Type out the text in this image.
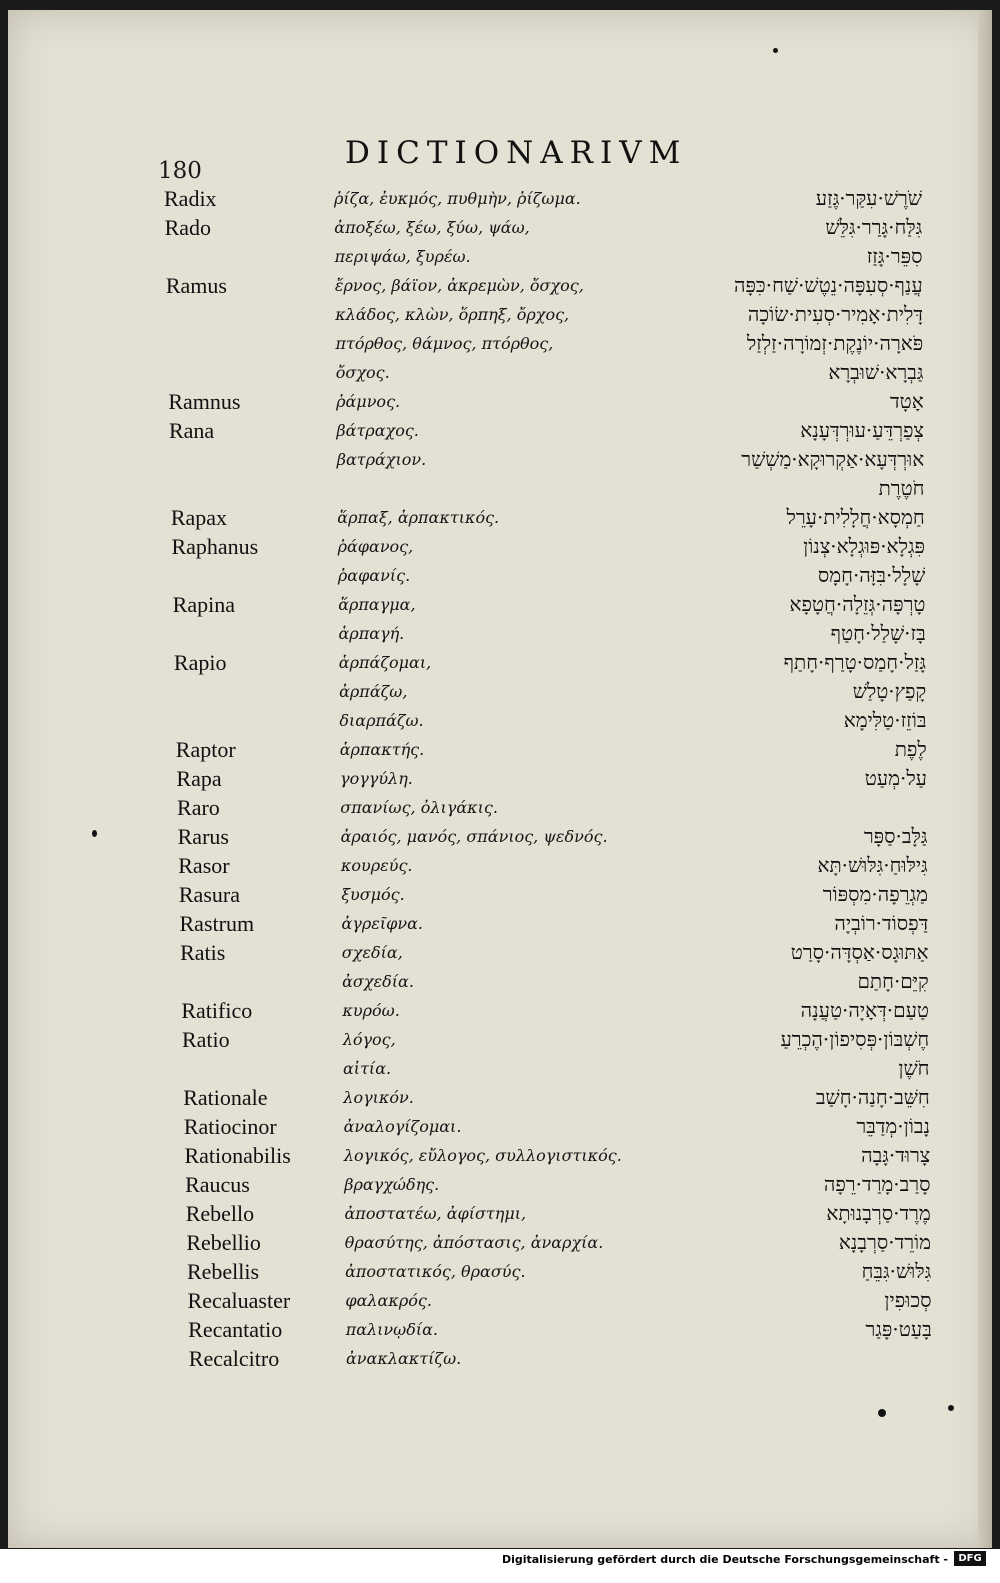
180	DICTIONARIVM
Radix	ῥίζα, ἐυκμός, πυθμὴν, ῥίζωμα.	שֹׁרֶשׁ·עִקַּר·גֶּזַע
Rado	ἀποξέω, ξέω, ξύω, ψάω,	גִּלַּח·גָּרַר·גִּלֵּשׁ
περιψάω, ξυρέω.	סִפֵּר·גָּזַז
Ramus	ἔρνος, βάϊον, ἀκρεμὼν, ὄσχος,	עֲנַף·סְעִפָּה·נֵטֶשׁ·שַׁח·כִּפָּה
κλάδος, κλὼν, ὅρπηξ, ὄρχος,	דָּלִית·אָמִיר·סְעִית·שׂוֹכָה
πτόρθος, θάμνος, πτόρθος,	פֹּארָה·יוֹנֶקֶת·זְמוֹרָה·זַלְזַל
ὄσχος.	גַּבְרָא·שׁוּבְרָא
Ramnus	ῥάμνος.	אָטָד
Rana	βάτραχος.	צְפַרְדֵּעַ·עוּרְדְּעָנָא
βατράχιον.	אוּרְדְּעָא·אַקְרוּקָא·מַשְׁשַׁר
חֹטֶרֶת
Rapax	ἅρπαξ, ἁρπακτικός.	חַמְסָא·חֲלָלִית·עָרֵל
Raphanus	ῥάφανος,	פִּגְלָא·פּוּגְלָא·צְנוֹן
ῥαφανίς.	שָׁלָל·בִּזָּה·חָמָס
Rapina	ἅρπαγμα,	טָרְפָּה·גְּזֵלָה·חֲטָפָא
ἁρπαγή.	בָּז·שָׁלַל·חָטַף
Rapio	ἁρπάζομαι,	גָּזַל·חָמַס·טָרַף·חָתַף
ἁρπάζω,	קָפַץ·טָלַשׁ
διαρπάζω.	בּוֹזֵז·טַלִּימָא
Raptor	ἁρπακτής.	לֶפֶת
Rapa	γογγύλη.	עַל·מְעַט
Raro	σπανίως, ὀλιγάκις.
Rarus	ἀραιός, μανός, σπάνιος, ψεδνός.	גַּלָּב·סַפָּר
Rasor	κουρεύς.	גִּילּוּחַ·גִּלּוּשׁ·תָּא
Rasura	ξυσμός.	מַגְרֵפָה·מִסְפּוֹר
Rastrum	ἀγρεῖφνα.	דַּפְסוֹד·רוֹבְיָה
Ratis	σχεδία,	אַתּוּגָס·אַסְדָּה·סָרַט
ἀσχεδία.	קִיֵּם·חָתַם
Ratifico	κυρόω.	טַעַם·דְּאָיָה·טַעֲנָה
Ratio	λόγος,	חֶשְׁבּוֹן·פְּסִיפוֹן·הֶכְרֵעַ
αἰτία.	חֹשֶׁן
Rationale	λογικόν.	חִשֵּׁב·חָנַה·חָשַׁב
Ratiocinor	ἀναλογίζομαι.	נָבוֹן·מְדַבֵּר
Rationabilis	λογικός, εὔλογος, συλλογιστικός.	צָרוּד·גָּבָה
Raucus	βραγχώδης.	סָרַב·מָרַד·רֵפָה
Rebello	ἀποστατέω, ἀφίστημι,	מֶרֶד·סַרְבָנוּתָא
Rebellio	θρασύτης, ἀπόστασις, ἀναρχία.	מוֹרֵד·סַרְבָנָא
Rebellis	ἀποστατικός, θρασύς.	גִּלּוּשׁ·גִּבֵּחַ
Recaluaster	φαλακρός.	סְכוּפִין
Recantatio	παλινῳδία.	בָּעַט·פָּגַר
Recalcitro	ἀνακλακτίζω.
Digitalisierung gefördert durch die Deutsche Forschungsgemeinschaft -	DFG
